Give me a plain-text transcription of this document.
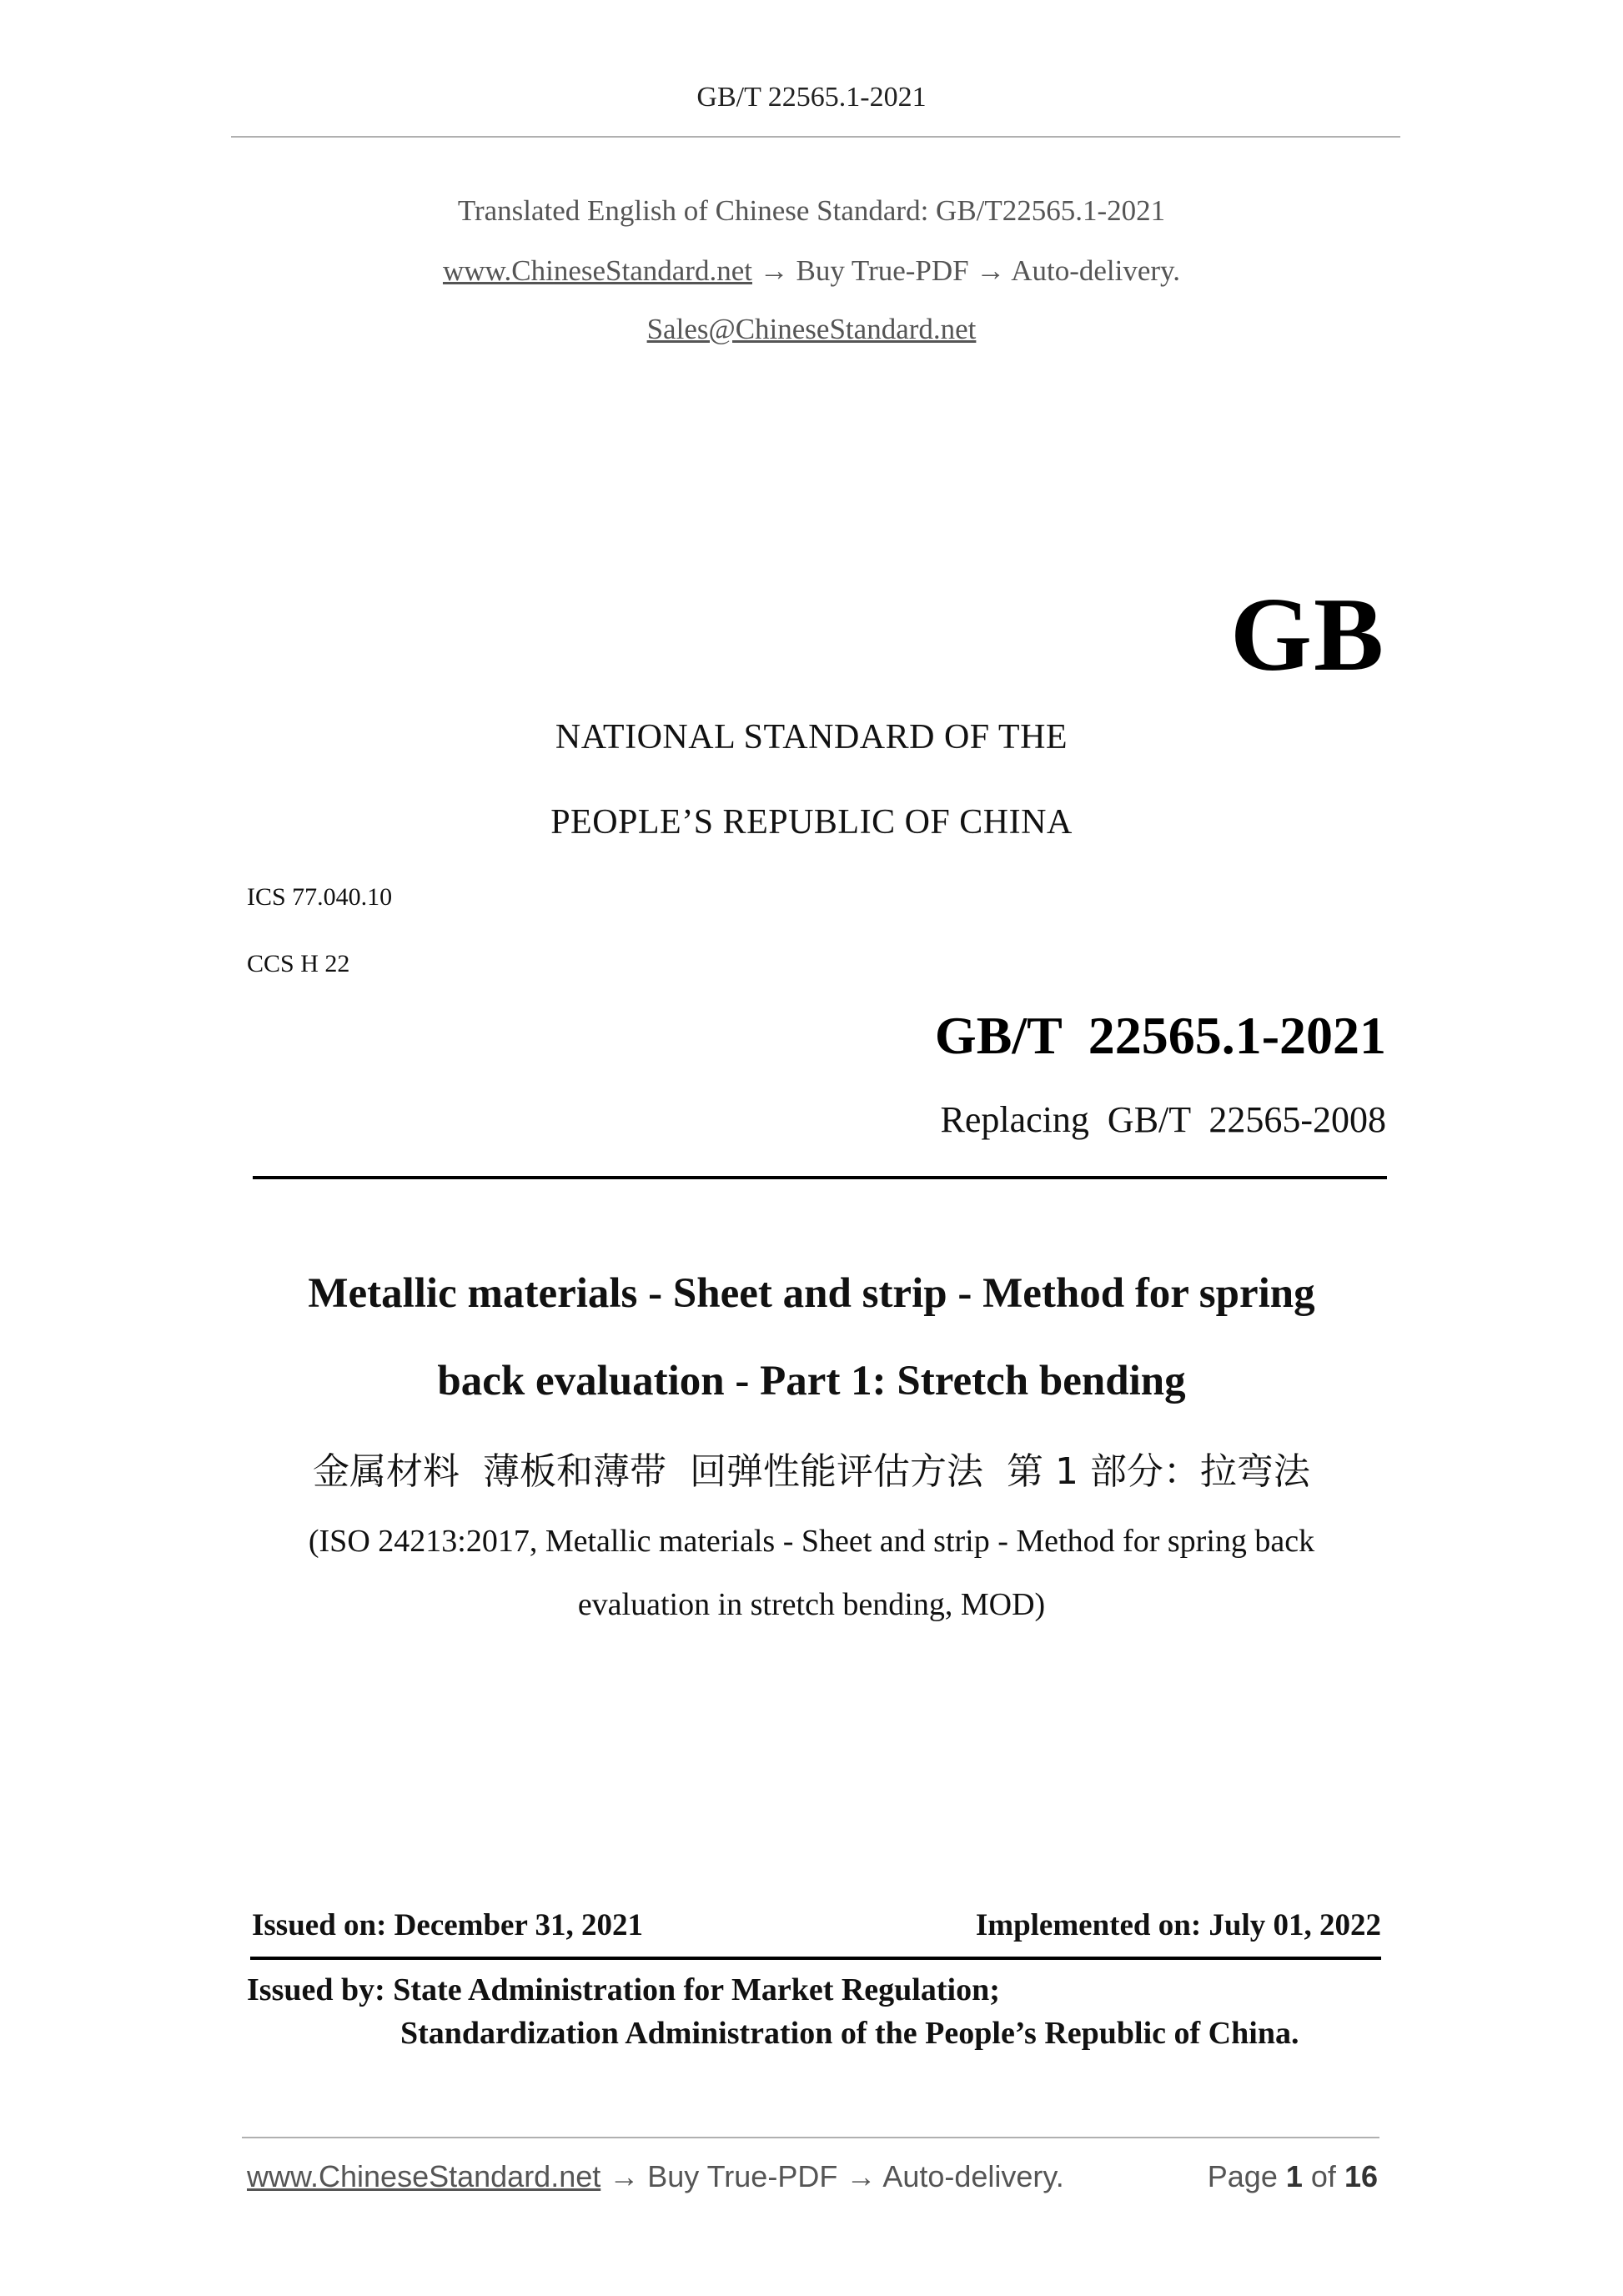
GB/T 22565.1-2021
Translated English of Chinese Standard: GB/T22565.1-2021
www.ChineseStandard.net → Buy True-PDF → Auto-delivery.
Sales@ChineseStandard.net
GB
NATIONAL STANDARD OF THE
PEOPLE’S REPUBLIC OF CHINA
ICS 77.040.10
CCS H 22
GB/T  22565.1-2021
Replacing  GB/T  22565-2008
Metallic materials - Sheet and strip - Method for spring
back evaluation - Part 1: Stretch bending
金属材料  薄板和薄带  回弹性能评估方法  第 1 部分：拉弯法
(ISO 24213:2017, Metallic materials - Sheet and strip - Method for spring back
evaluation in stretch bending, MOD)
Issued on: December 31, 2021	Implemented on: July 01, 2022
Issued by: State Administration for Market Regulation;
Standardization Administration of the People’s Republic of China.
www.ChineseStandard.net → Buy True-PDF → Auto-delivery.	Page 1 of 16
